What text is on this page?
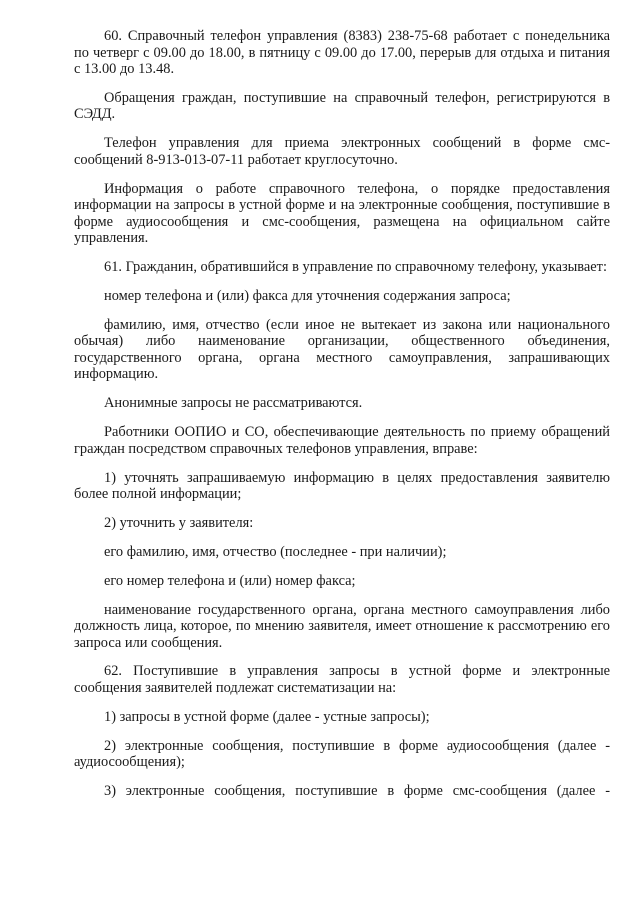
60. Справочный телефон управления (8383) 238-75-68 работает с понедельника по четверг с 09.00 до 18.00, в пятницу с 09.00 до 17.00, перерыв для отдыха и питания с 13.00 до 13.48.

Обращения граждан, поступившие на справочный телефон, регистрируются в СЭДД.

Телефон управления для приема электронных сообщений в форме смс-сообщений 8-913-013-07-11 работает круглосуточно.

Информация о работе справочного телефона, о порядке предоставления информации на запросы в устной форме и на электронные сообщения, поступившие в форме аудиосообщения и смс-сообщения, размещена на официальном сайте управления.

61. Гражданин, обратившийся в управление по справочному телефону, указывает:

номер телефона и (или) факса для уточнения содержания запроса;

фамилию, имя, отчество (если иное не вытекает из закона или национального обычая) либо наименование организации, общественного объединения, государственного органа, органа местного самоуправления, запрашивающих информацию.

Анонимные запросы не рассматриваются.

Работники ООПИО и СО, обеспечивающие деятельность по приему обращений граждан посредством справочных телефонов управления, вправе:

1) уточнять запрашиваемую информацию в целях предоставления заявителю более полной информации;

2) уточнить у заявителя:

его фамилию, имя, отчество (последнее - при наличии);

его номер телефона и (или) номер факса;

наименование государственного органа, органа местного самоуправления либо должность лица, которое, по мнению заявителя, имеет отношение к рассмотрению его запроса или сообщения.

62. Поступившие в управления запросы в устной форме и электронные сообщения заявителей подлежат систематизации на:

1) запросы в устной форме (далее - устные запросы);

2) электронные сообщения, поступившие в форме аудиосообщения (далее - аудиосообщения);

3) электронные сообщения, поступившие в форме смс-сообщения (далее -
